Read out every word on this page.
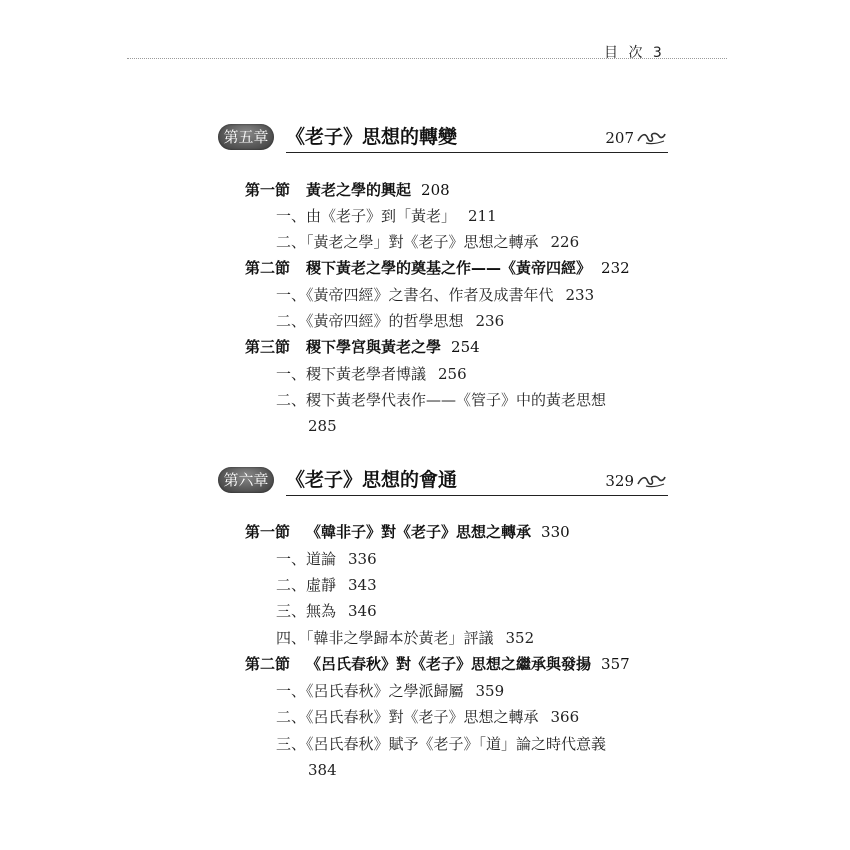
目 次 3
第五章 《老子》思想的轉變	207
第一節 黃老之學的興起 208
一、由《老子》到「黃老」 211
二、「黃老之學」對《老子》思想之轉承 226
第二節 稷下黃老之學的奠基之作——《黃帝四經》 232
一、《黃帝四經》之書名、作者及成書年代 233
二、《黃帝四經》的哲學思想 236
第三節 稷下學宮與黃老之學 254
一、稷下黃老學者博議 256
二、稷下黃老學代表作——《管子》中的黃老思想
285
第六章 《老子》思想的會通	329
第一節 《韓非子》對《老子》思想之轉承 330
一、道論 336
二、虛靜 343
三、無為 346
四、「韓非之學歸本於黃老」評議 352
第二節 《呂氏春秋》對《老子》思想之繼承與發揚 357
一、《呂氏春秋》之學派歸屬 359
二、《呂氏春秋》對《老子》思想之轉承 366
三、《呂氏春秋》賦予《老子》「道」論之時代意義
384
